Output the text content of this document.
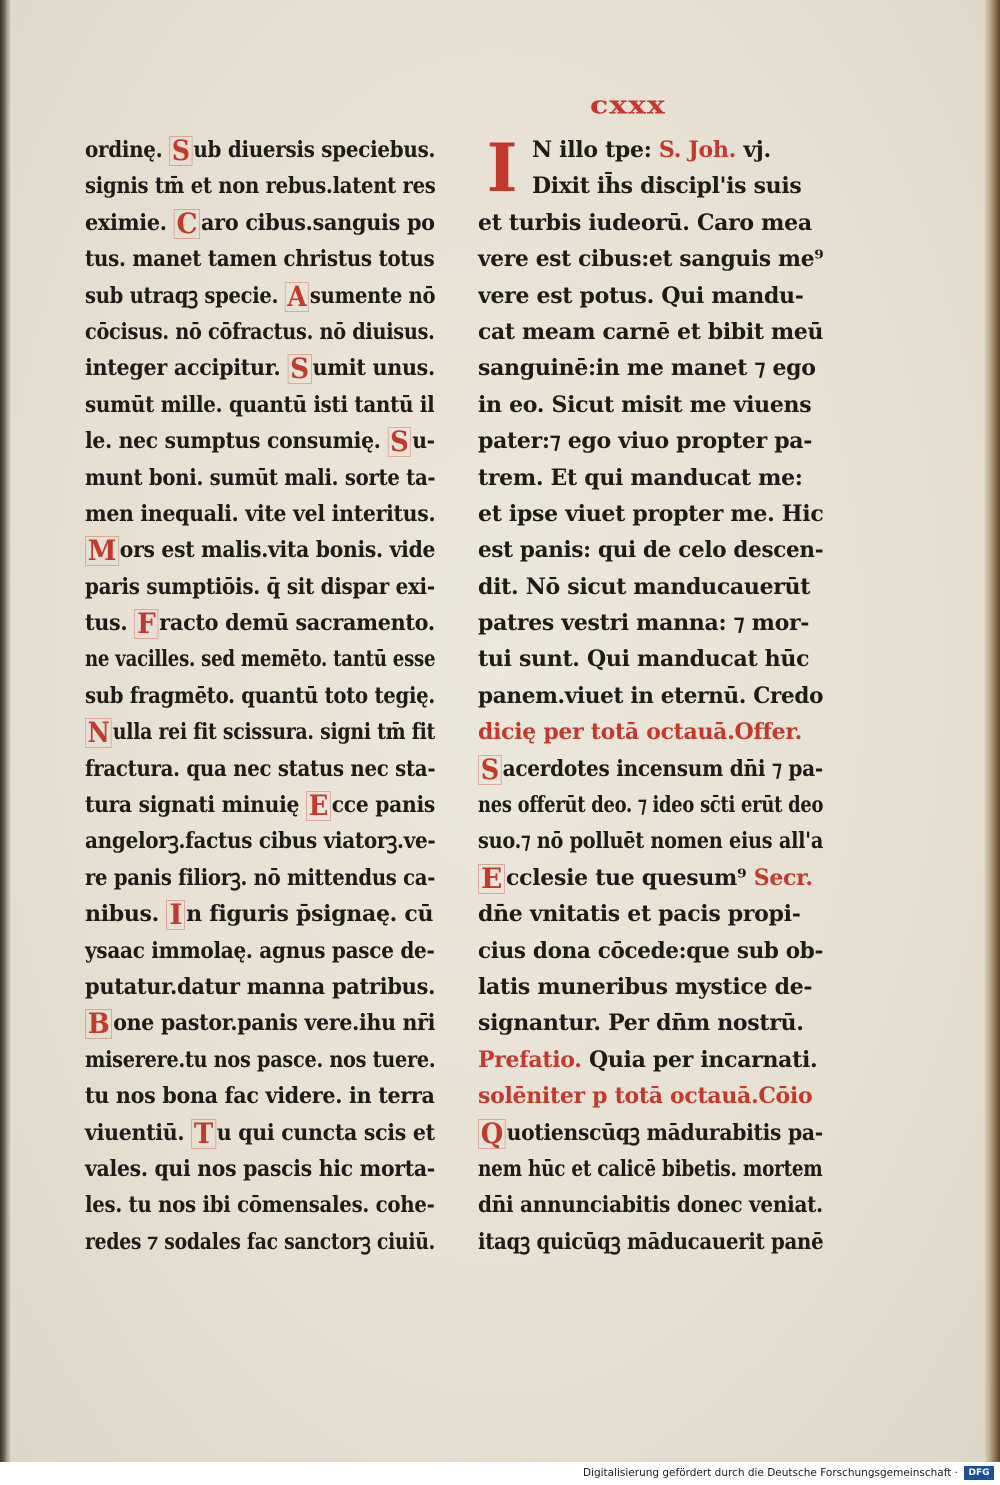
cxxx
ordinę. S ub diuersis speciebus.
signis tm̄ et non rebus.latent res
eximie. C aro cibus.sanguis po
tus. manet tamen christus totus
sub utraqꝫ specie. A sumente nō
cōcisus. nō cōfractus. nō diuisus.
integer accipitur. S umit unus.
sumūt mille. quantū isti tantū il
le. nec sumptus consumię. S u-
munt boni. sumūt mali. sorte ta-
men inequali. vite vel interitus.
M ors est malis.vita bonis. vide
paris sumptiōis. q̄ sit dispar exi-
tus. F racto demū sacramento.
ne vacilles. sed memēto. tantū esse
sub fragmēto. quantū toto tegię.
N ulla rei fit scissura. signi tm̄ fit
fractura. qua nec status nec sta-
tura signati minuię E cce panis
angelorꝫ.factus cibus viatorꝫ.ve-
re panis filiorꝫ. nō mittendus ca-
nibus. I n figuris p̄signaę. cū
ysaac immolaę. agnus pasce de-
putatur.datur manna patribus.
B one pastor.panis vere.ihu nr̄i
miserere.tu nos pasce. nos tuere.
tu nos bona fac videre. in terra
viuentiū. T u qui cuncta scis et
vales. qui nos pascis hic morta-
les. tu nos ibi cōmensales. cohe-
redes ⁊ sodales fac sanctorꝫ ciuiū.
I N illo tpe: S. Joh. vj.
Dixit ih̄s discipl'is suis
et turbis iudeorū. Caro mea
vere est cibus:et sanguis me⁹
vere est potus. Qui mandu-
cat meam carnē et bibit meū
sanguinē:in me manet ⁊ ego
in eo. Sicut misit me viuens
pater:⁊ ego viuo propter pa-
trem. Et qui manducat me:
et ipse viuet propter me. Hic
est panis: qui de celo descen-
dit. Nō sicut manducauerūt
patres vestri manna: ⁊ mor-
tui sunt. Qui manducat hūc
panem.viuet in eternū. Credo
dicię per totā octauā.Offer.
S acerdotes incensum dn̄i ⁊ pa-
nes offerūt deo. ⁊ ideo sc̄ti erūt deo
suo.⁊ nō polluēt nomen eius all'a
E cclesie tue quesum⁹ Secr.
dn̄e vnitatis et pacis propi-
cius dona cōcede:que sub ob-
latis muneribus mystice de-
signantur. Per dn̄m nostrū.
Prefatio. Quia per incarnati.
solēniter p totā octauā.Cōio
Q uotienscūqꝫ mādurabitis pa-
nem hūc et calicē bibetis. mortem
dn̄i annunciabitis donec veniat.
itaqꝫ quicūqꝫ māducauerit panē
Digitalisierung gefördert durch die Deutsche Forschungsgemeinschaft ·	DFG
